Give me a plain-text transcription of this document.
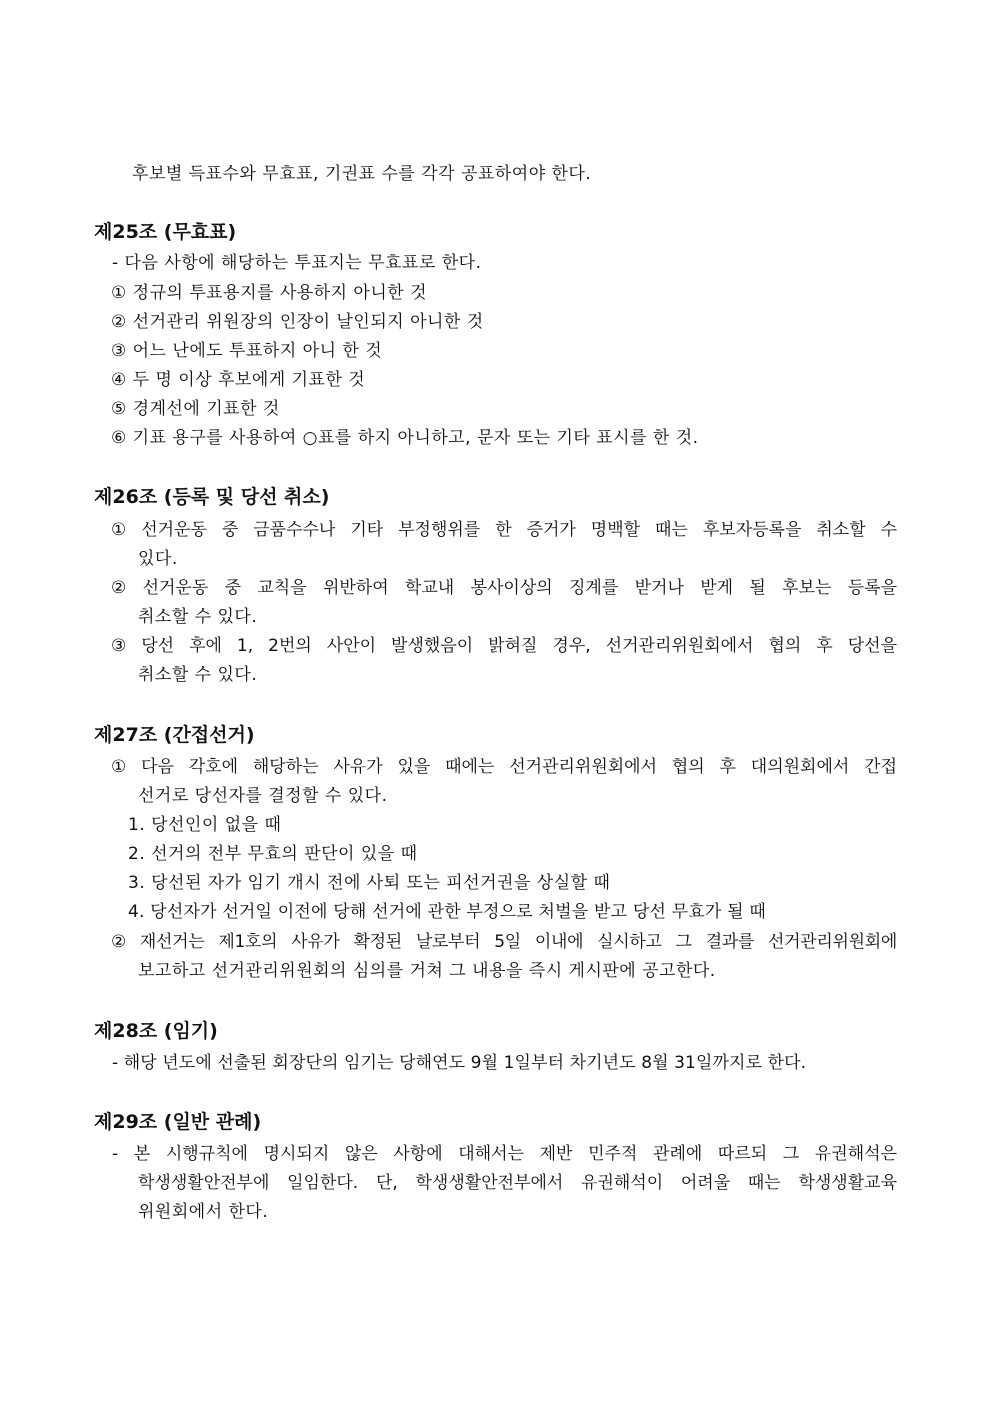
후보별 득표수와 무효표, 기권표 수를 각각 공표하여야 한다.
제25조 (무효표)
- 다음 사항에 해당하는 투표지는 무효표로 한다.
① 정규의 투표용지를 사용하지 아니한 것
② 선거관리 위원장의 인장이 날인되지 아니한 것
③ 어느 난에도 투표하지 아니 한 것
④ 두 명 이상 후보에게 기표한 것
⑤ 경계선에 기표한 것
⑥ 기표 용구를 사용하여 ○표를 하지 아니하고, 문자 또는 기타 표시를 한 것.
제26조 (등록 및 당선 취소)
① 선거운동 중 금품수수나 기타 부정행위를 한 증거가 명백할 때는 후보자등록을 취소할 수
있다.
② 선거운동 중 교칙을 위반하여 학교내 봉사이상의 징계를 받거나 받게 될 후보는 등록을
취소할 수 있다.
③ 당선 후에 1, 2번의 사안이 발생했음이 밝혀질 경우, 선거관리위원회에서 협의 후 당선을
취소할 수 있다.
제27조 (간접선거)
① 다음 각호에 해당하는 사유가 있을 때에는 선거관리위원회에서 협의 후 대의원회에서 간접
선거로 당선자를 결정할 수 있다.
1. 당선인이 없을 때
2. 선거의 전부 무효의 판단이 있을 때
3. 당선된 자가 임기 개시 전에 사퇴 또는 피선거권을 상실할 때
4. 당선자가 선거일 이전에 당해 선거에 관한 부정으로 처벌을 받고 당선 무효가 될 때
② 재선거는 제1호의 사유가 확정된 날로부터 5일 이내에 실시하고 그 결과를 선거관리위원회에
보고하고 선거관리위원회의 심의를 거쳐 그 내용을 즉시 게시판에 공고한다.
제28조 (임기)
- 해당 년도에 선출된 회장단의 임기는 당해연도 9월 1일부터 차기년도 8월 31일까지로 한다.
제29조 (일반 관례)
- 본 시행규칙에 명시되지 않은 사항에 대해서는 제반 민주적 관례에 따르되 그 유권해석은
학생생활안전부에 일임한다. 단, 학생생활안전부에서 유권해석이 어려울 때는 학생생활교육
위원회에서 한다.
